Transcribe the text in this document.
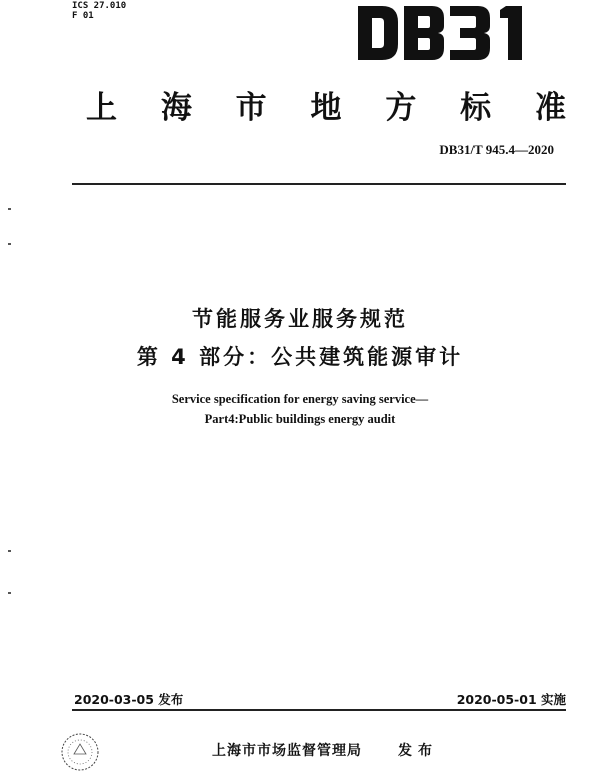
ICS 27.010
F 01
上 海 市 地 方 标 准
DB31/T 945.4—2020
节能服务业服务规范
第 4 部分：公共建筑能源审计
Service specification for energy saving service—
Part4:Public buildings energy audit
2020-03-05 发布	2020-05-01 实施
上海市市场监督管理局	发布
